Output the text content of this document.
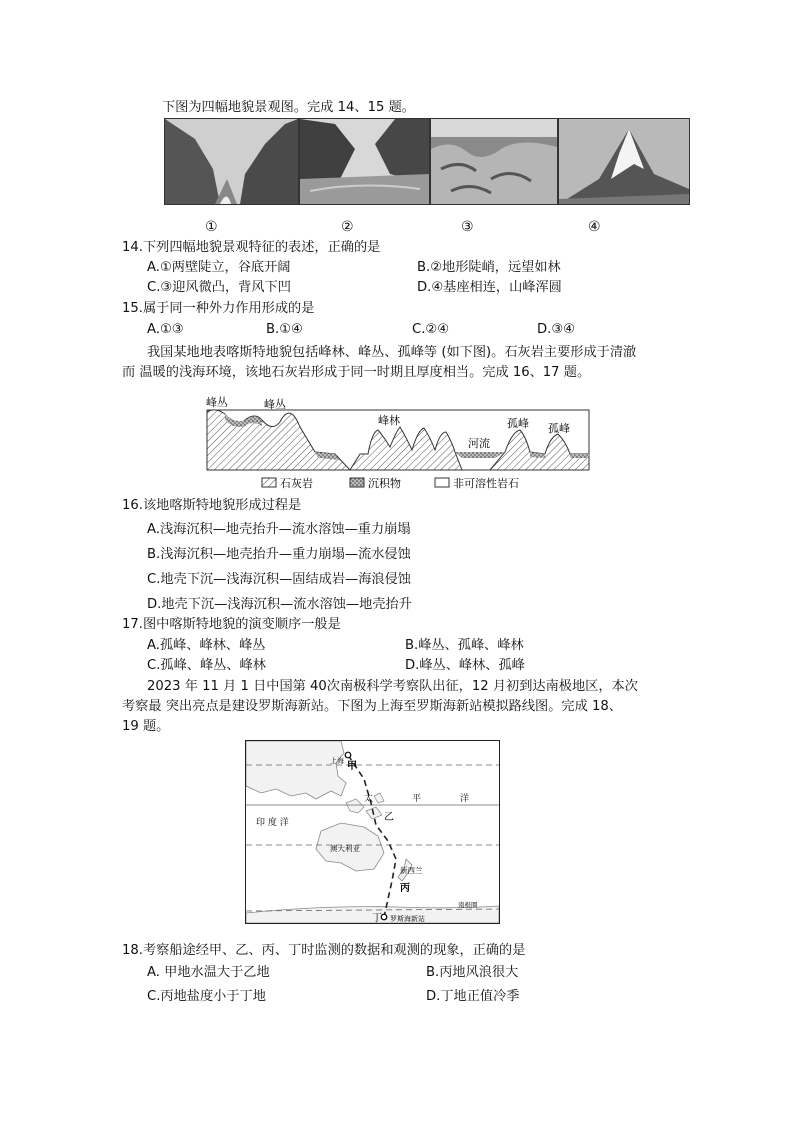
下图为四幅地貌景观图。完成 14、15 题。
①	②	③	④
14.下列四幅地貌景观特征的表述，正确的是
A.①两壁陡立，谷底开阔	B.②地形陡峭，远望如林
C.③迎风微凸，背风下凹	D.④基座相连，山峰浑圆
15.属于同一种外力作用形成的是
A.①③	B.①④	C.②④	D.③④
我国某地地表喀斯特地貌包括峰林、峰丛、孤峰等 (如下图)。石灰岩主要形成于清澈
而 温暖的浅海环境，该地石灰岩形成于同一时期且厚度相当。完成 16、17 题。
峰丛	峰丛
峰林
河流
孤峰 孤峰
石灰岩	沉积物	非可溶性岩石
16.该地喀斯特地貌形成过程是
A.浅海沉积—地壳抬升—流水溶蚀—重力崩塌
B.浅海沉积—地壳抬升—重力崩塌—流水侵蚀
C.地壳下沉—浅海沉积—固结成岩—海浪侵蚀
D.地壳下沉—浅海沉积—流水溶蚀—地壳抬升
17.图中喀斯特地貌的演变顺序一般是
A.孤峰、峰林、峰丛	B.峰丛、孤峰、峰林
C.孤峰、峰丛、峰林	D.峰丛、峰林、孤峰
2023 年 11 月 1 日中国第 40次南极科学考察队出征，12 月初到达南极地区，本次
考察最 突出亮点是建设罗斯海新站。下图为上海至罗斯海新站模拟路线图。完成 18、
19 题。
上海 甲
太	平	洋
乙
印 度 洋
澳大利亚
新西兰
丙
丁 罗斯海新站
南极圈
18.考察船途经甲、乙、丙、丁时监测的数据和观测的现象，正确的是
A. 甲地水温大于乙地	B.丙地风浪很大
C.丙地盐度小于丁地	D.丁地正值冷季
